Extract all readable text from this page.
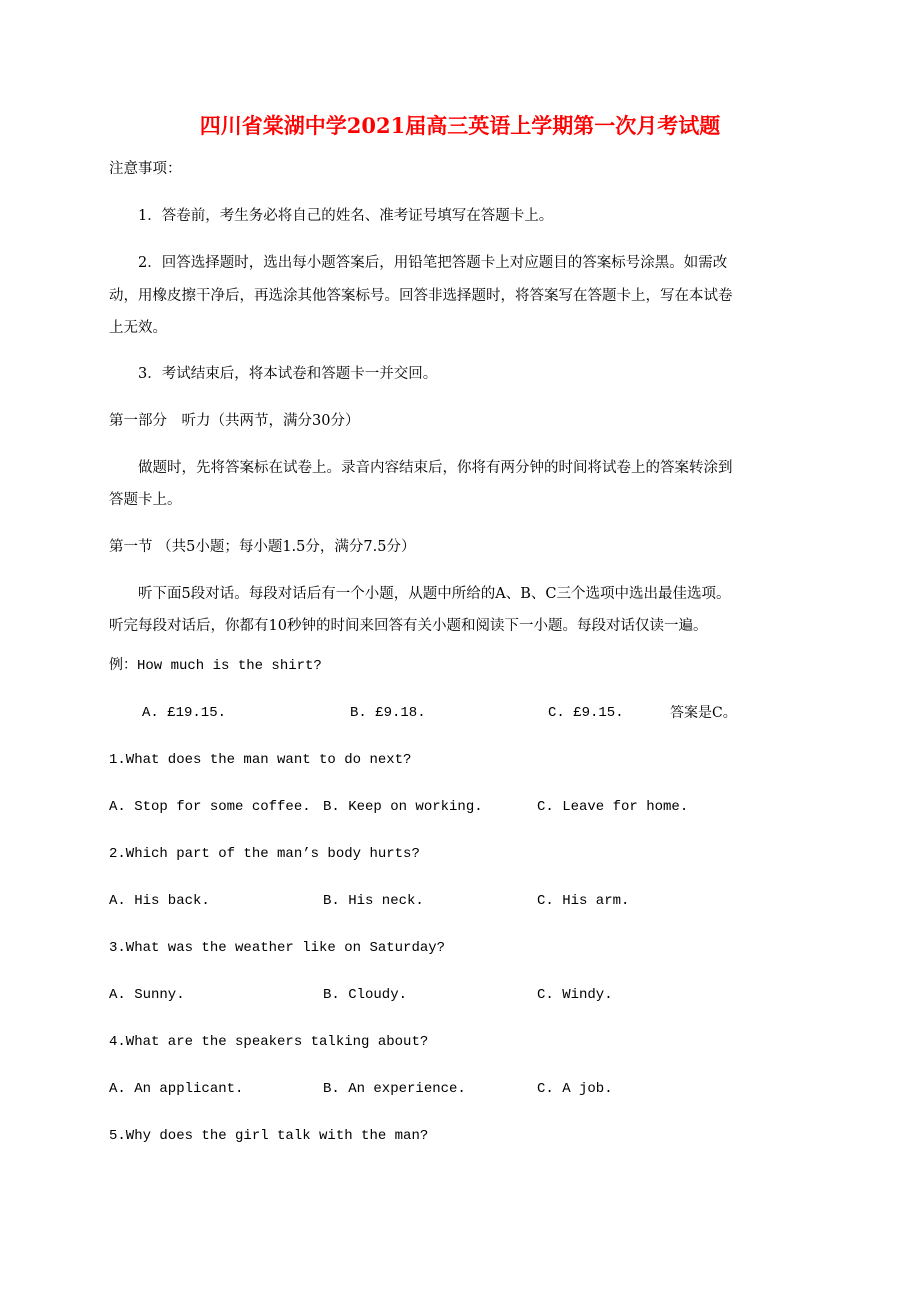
四川省棠湖中学2021届高三英语上学期第一次月考试题
注意事项：
1．答卷前，考生务必将自己的姓名、准考证号填写在答题卡上。
2．回答选择题时，选出每小题答案后，用铅笔把答题卡上对应题目的答案标号涂黑。如需改
动，用橡皮擦干净后，再选涂其他答案标号。回答非选择题时，将答案写在答题卡上，写在本试卷
上无效。
3．考试结束后，将本试卷和答题卡一并交回。
第一部分　听力（共两节，满分30分）
做题时，先将答案标在试卷上。录音内容结束后，你将有两分钟的时间将试卷上的答案转涂到
答题卡上。
第一节 （共5小题；每小题1.5分，满分7.5分）
听下面5段对话。每段对话后有一个小题，从题中所给的A、B、C三个选项中选出最佳选项。
听完每段对话后，你都有10秒钟的时间来回答有关小题和阅读下一小题。每段对话仅读一遍。
例：How much is the shirt?
A. £19.15.	B. £9.18.	C. £9.15.	答案是C。
1.What does the man want to do next?
A. Stop for some coffee. B. Keep on working.	C. Leave for home.
2.Which part of the man’s body hurts?
A. His back.	B. His neck.	C. His arm.
3.What was the weather like on Saturday?
A. Sunny.	B. Cloudy.	C. Windy.
4.What are the speakers talking about?
A. An applicant.	B. An experience.	C. A job.
5.Why does the girl talk with the man?
